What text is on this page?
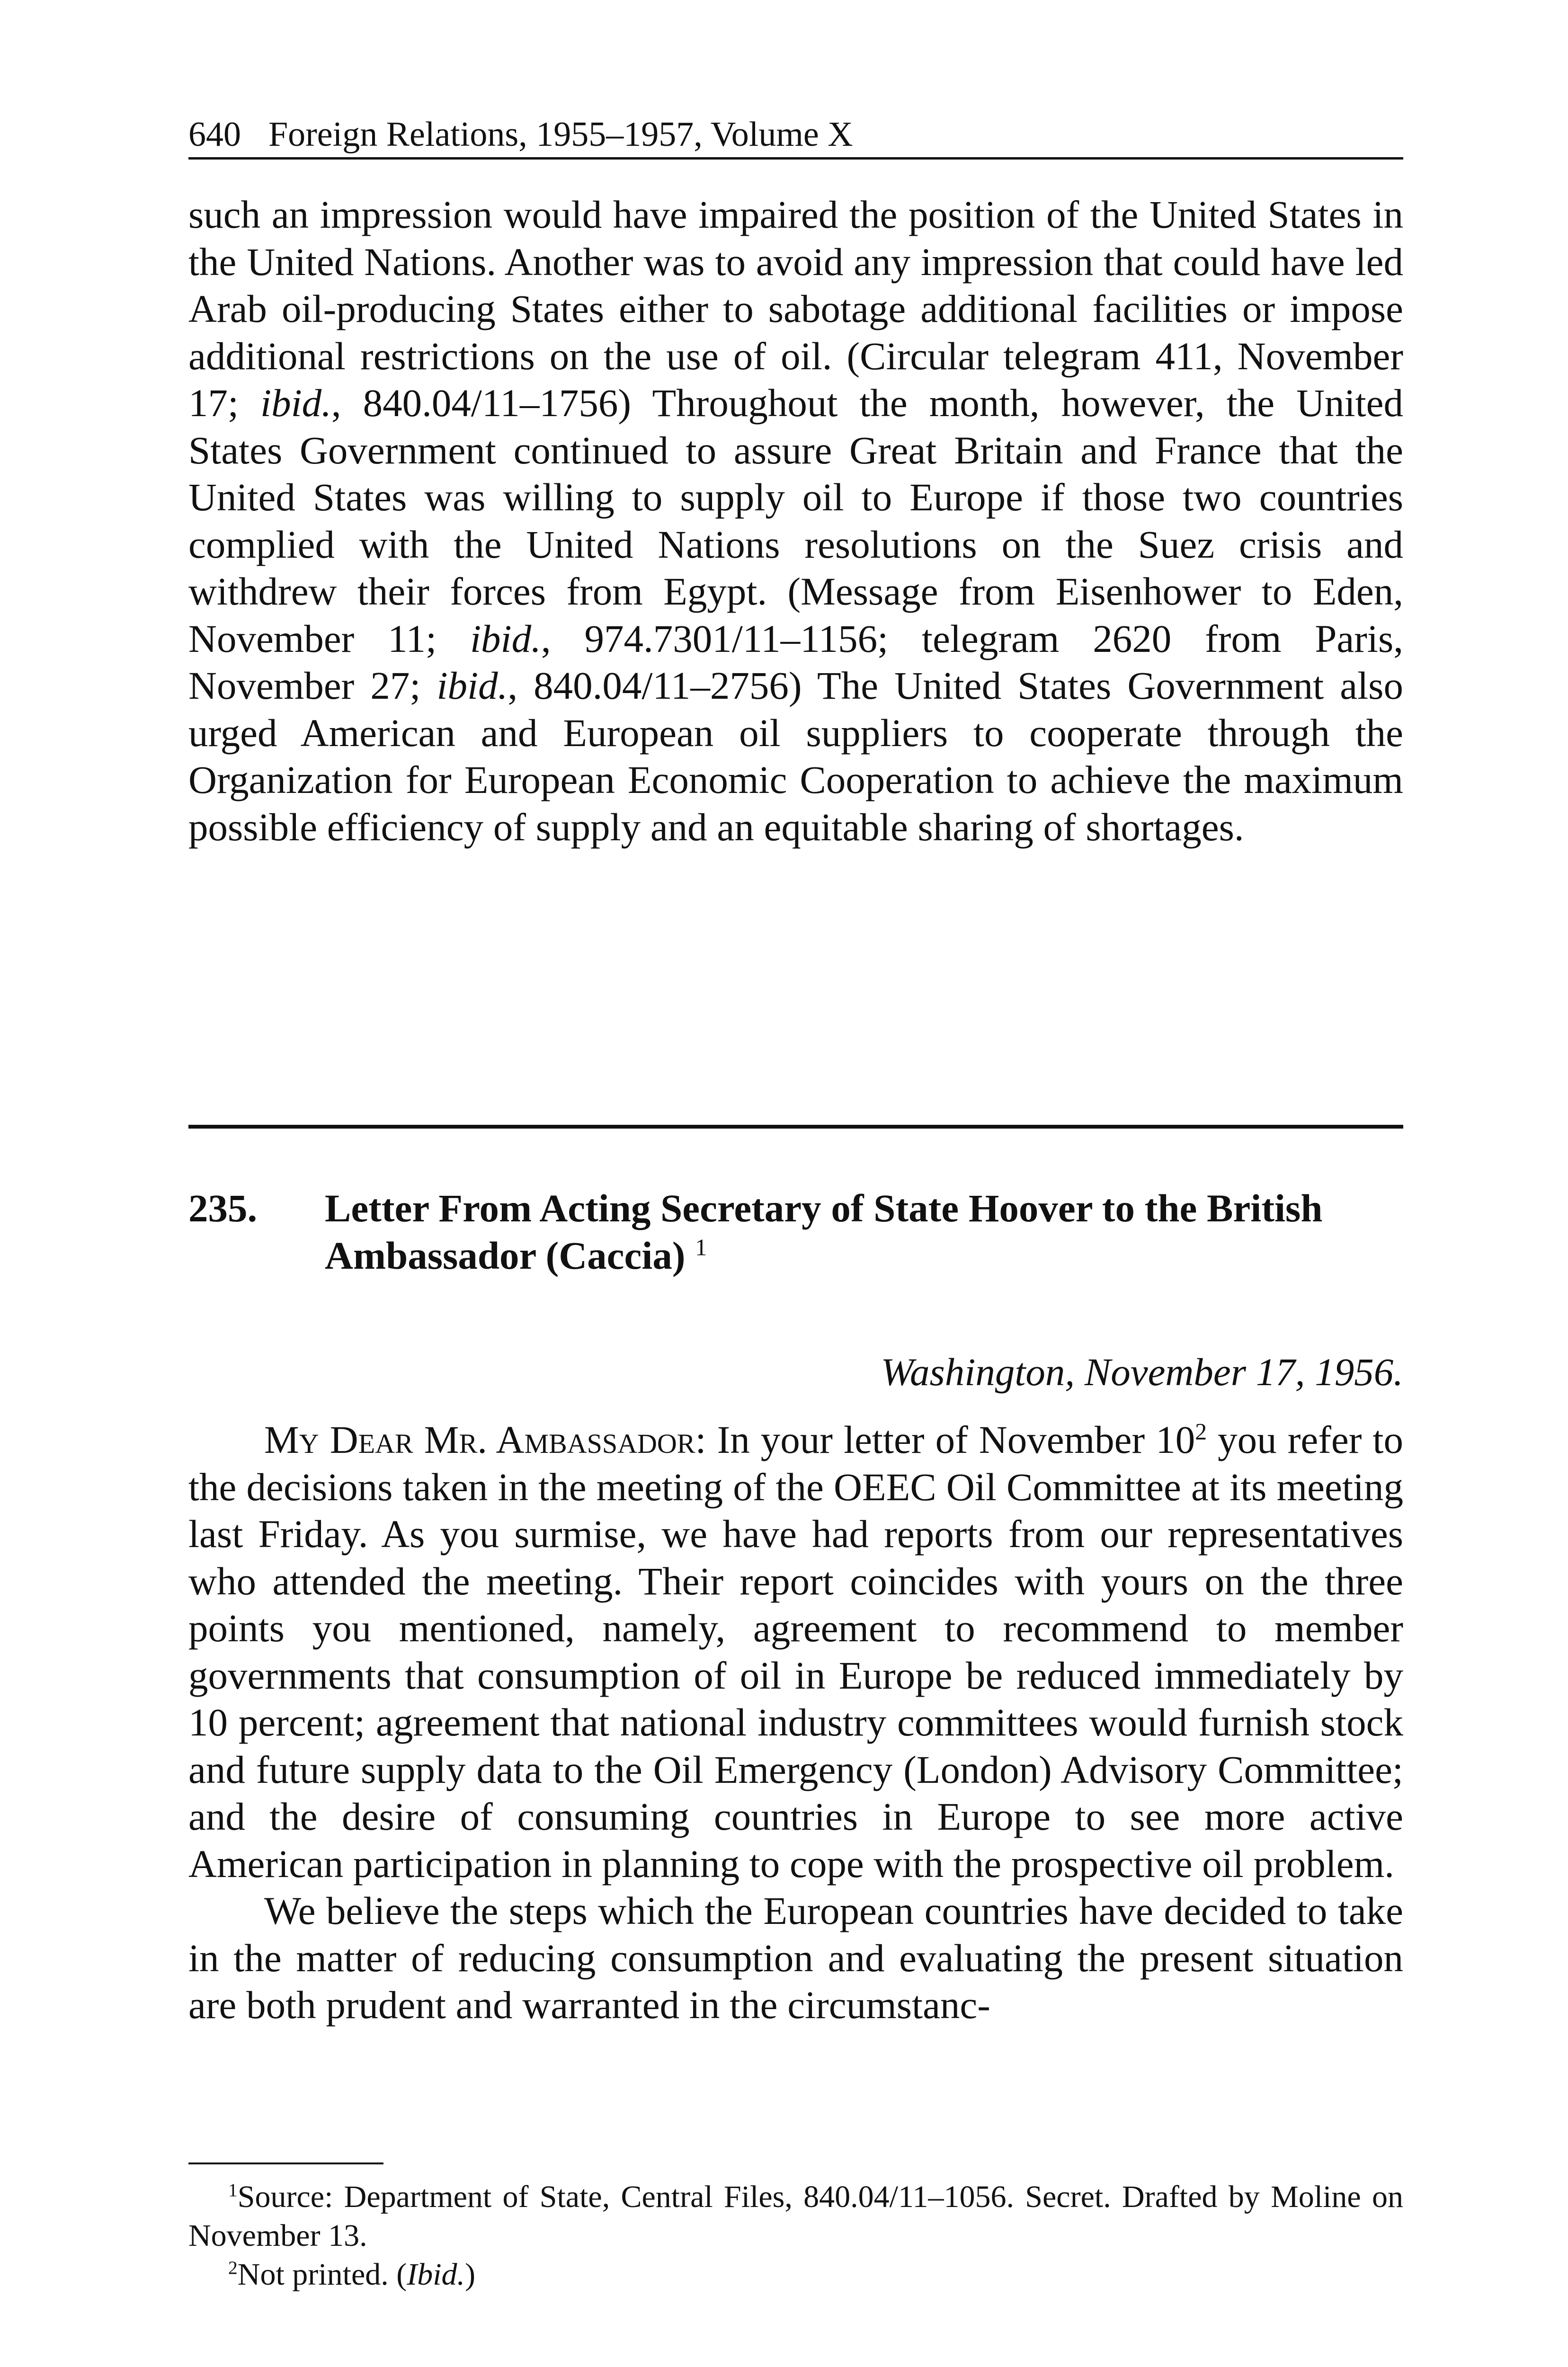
640 Foreign Relations, 1955–1957, Volume X

such an impression would have impaired the position of the United States in the United Nations. Another was to avoid any impression that could have led Arab oil-producing States either to sabotage additional facilities or impose additional restrictions on the use of oil. (Circular telegram 411, November 17; ibid., 840.04/11–1756) Throughout the month, however, the United States Government continued to assure Great Britain and France that the United States was willing to supply oil to Europe if those two countries complied with the United Nations resolutions on the Suez crisis and withdrew their forces from Egypt. (Message from Eisenhower to Eden, November 11; ibid., 974.7301/11–1156; telegram 2620 from Paris, November 27; ibid., 840.04/11–2756) The United States Government also urged American and European oil suppliers to cooperate through the Organization for European Economic Cooperation to achieve the maximum possible efficiency of supply and an equitable sharing of shortages.

235. Letter From Acting Secretary of State Hoover to the British Ambassador (Caccia) $^1$
Washington, November 17, 1956.

My Dear Mr. Ambassador: In your letter of November $10^2$ you refer to the decisions taken in the meeting of the OEEC Oil Committee at its meeting last Friday. As you surmise, we have had reports from our representatives who attended the meeting. Their report coincides with yours on the three points you mentioned, namely, agreement to recommend to member governments that consumption of oil in Europe be reduced immediately by 10 percent; agreement that national industry committees would furnish stock and future supply data to the Oil Emergency (London) Advisory Committee; and the desire of consuming countries in Europe to see more active American participation in planning to cope with the prospective oil problem.

We believe the steps which the European countries have decided to take in the matter of reducing consumption and evaluating the present situation are both prudent and warranted in the circumstanc-

$^1$Source: Department of State, Central Files, 840.04/11–1056. Secret. Drafted by Moline on November 13.

$^2$Not printed. (Ibid.)
